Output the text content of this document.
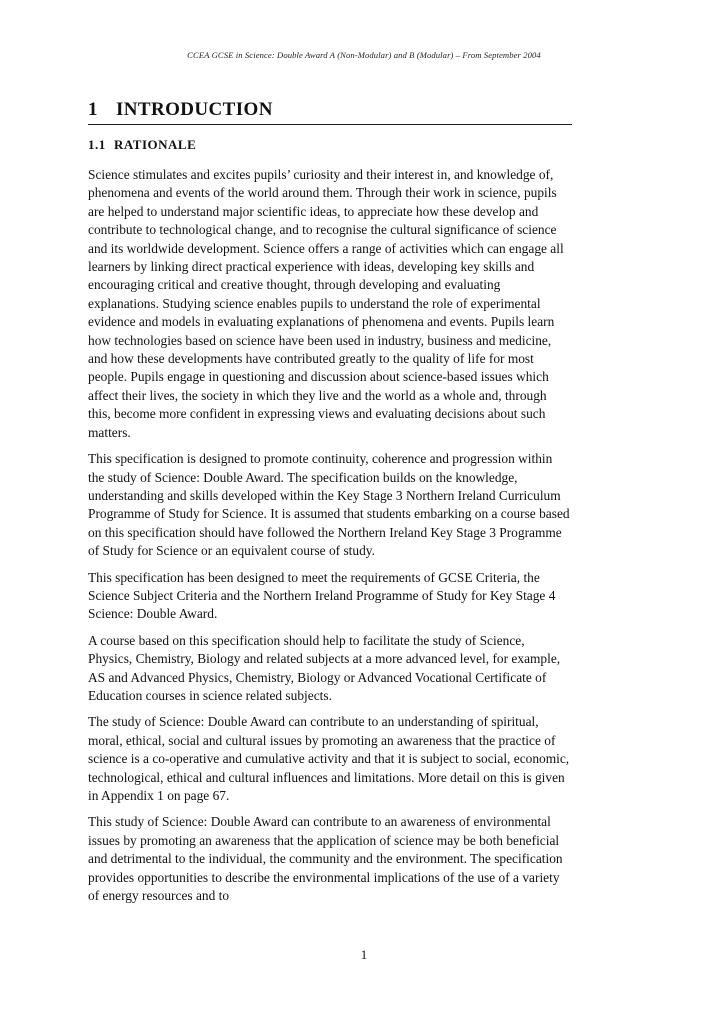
CCEA GCSE in Science: Double Award A (Non-Modular) and B (Modular) – From September 2004
1 INTRODUCTION
1.1 RATIONALE

Science stimulates and excites pupils’ curiosity and their interest in, and knowledge of, phenomena and events of the world around them. Through their work in science, pupils are helped to understand major scientific ideas, to appreciate how these develop and contribute to technological change, and to recognise the cultural significance of science and its worldwide development. Science offers a range of activities which can engage all learners by linking direct practical experience with ideas, developing key skills and encouraging critical and creative thought, through developing and evaluating explanations. Studying science enables pupils to understand the role of experimental evidence and models in evaluating explanations of phenomena and events. Pupils learn how technologies based on science have been used in industry, business and medicine, and how these developments have contributed greatly to the quality of life for most people. Pupils engage in questioning and discussion about science-based issues which affect their lives, the society in which they live and the world as a whole and, through this, become more confident in expressing views and evaluating decisions about such matters.

This specification is designed to promote continuity, coherence and progression within the study of Science: Double Award. The specification builds on the knowledge, understanding and skills developed within the Key Stage 3 Northern Ireland Curriculum Programme of Study for Science. It is assumed that students embarking on a course based on this specification should have followed the Northern Ireland Key Stage 3 Programme of Study for Science or an equivalent course of study.

This specification has been designed to meet the requirements of GCSE Criteria, the Science Subject Criteria and the Northern Ireland Programme of Study for Key Stage 4 Science: Double Award.

A course based on this specification should help to facilitate the study of Science, Physics, Chemistry, Biology and related subjects at a more advanced level, for example, AS and Advanced Physics, Chemistry, Biology or Advanced Vocational Certificate of Education courses in science related subjects.

The study of Science: Double Award can contribute to an understanding of spiritual, moral, ethical, social and cultural issues by promoting an awareness that the practice of science is a co-operative and cumulative activity and that it is subject to social, economic, technological, ethical and cultural influences and limitations. More detail on this is given in Appendix 1 on page 67.

This study of Science: Double Award can contribute to an awareness of environmental issues by promoting an awareness that the application of science may be both beneficial and detrimental to the individual, the community and the environment. The specification provides opportunities to describe the environmental implications of the use of a variety of energy resources and to

1
